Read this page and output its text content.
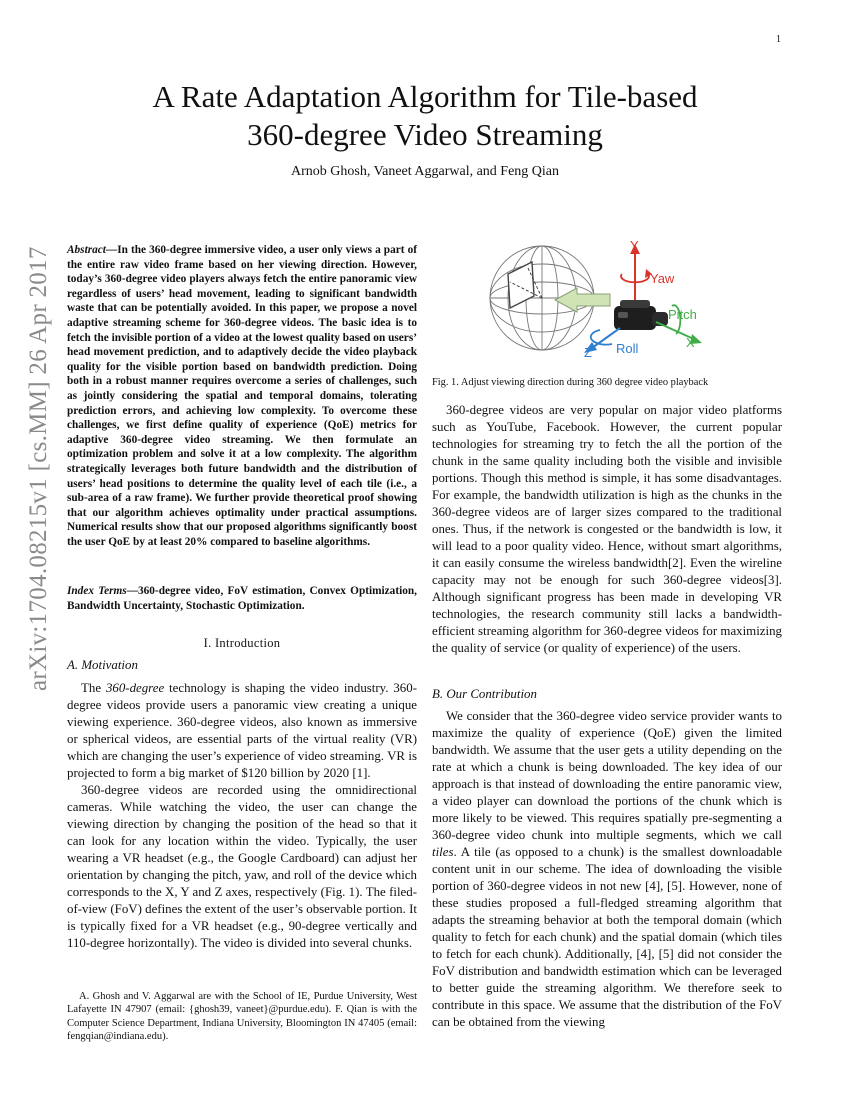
1
arXiv:1704.08215v1 [cs.MM] 26 Apr 2017
A Rate Adaptation Algorithm for Tile-based
360-degree Video Streaming
Arnob Ghosh, Vaneet Aggarwal, and Feng Qian
Abstract—In the 360-degree immersive video, a user only views a part of the entire raw video frame based on her viewing direction. However, today’s 360-degree video players always fetch the entire panoramic view regardless of users’ head movement, leading to significant bandwidth waste that can be potentially avoided. In this paper, we propose a novel adaptive streaming scheme for 360-degree videos. The basic idea is to fetch the invisible portion of a video at the lowest quality based on users’ head movement prediction, and to adaptively decide the video playback quality for the visible portion based on bandwidth prediction. Doing both in a robust manner requires overcome a series of challenges, such as jointly considering the spatial and temporal domains, tolerating prediction errors, and achieving low complexity. To overcome these challenges, we first define quality of experience (QoE) metrics for adaptive 360-degree video streaming. We then formulate an optimization problem and solve it at a low complexity. The algorithm strategically leverages both future bandwidth and the distribution of users’ head positions to determine the quality level of each tile (i.e., a sub-area of a raw frame). We further provide theoretical proof showing that our algorithm achieves optimality under practical assumptions. Numerical results show that our proposed algorithms significantly boost the user QoE by at least 20% compared to baseline algorithms.
Index Terms—360-degree video, FoV estimation, Convex Optimization, Bandwidth Uncertainty, Stochastic Optimization.
I. Introduction
A. Motivation

The 360-degree technology is shaping the video industry. 360-degree videos provide users a panoramic view creating a unique viewing experience. 360-degree videos, also known as immersive or spherical videos, are essential parts of the virtual reality (VR) which are changing the user’s experience of video streaming. VR is projected to form a big market of $120 billion by 2020 [1].

360-degree videos are recorded using the omnidirectional cameras. While watching the video, the user can change the viewing direction by changing the position of the head so that it can look for any location within the video. Typically, the user wearing a VR headset (e.g., the Google Cardboard) can adjust her orientation by changing the pitch, yaw, and roll of the device which corresponds to the X, Y and Z axes, respectively (Fig. 1). The filed-of-view (FoV) defines the extent of the user’s observable portion. It is typically fixed for a VR headset (e.g., 90-degree vertically and 110-degree horizontally). The video is divided into several chunks.

A. Ghosh and V. Aggarwal are with the School of IE, Purdue University, West Lafayette IN 47907 (email: {ghosh39, vaneet}@purdue.edu). F. Qian is with the Computer Science Department, Indiana University, Bloomington IN 47405 (email: fengqian@indiana.edu).
Y
Yaw
Pitch
X
Z Roll
Fig. 1. Adjust viewing direction during 360 degree video playback

360-degree videos are very popular on major video platforms such as YouTube, Facebook. However, the current popular technologies for streaming try to fetch the all the portion of the chunk in the same quality including both the visible and invisible portions. Though this method is simple, it has some disadvantages. For example, the bandwidth utilization is high as the chunks in the 360-degree videos are of larger sizes compared to the traditional ones. Thus, if the network is congested or the bandwidth is low, it will lead to a poor quality video. Hence, without smart algorithms, it can easily consume the wireless bandwidth[2]. Even the wireline capacity may not be enough for such 360-degree videos[3]. Although significant progress has been made in developing VR technologies, the research community still lacks a bandwidth-efficient streaming algorithm for 360-degree videos for maximizing the quality of service (or quality of experience) of the users.

B. Our Contribution

We consider that the 360-degree video service provider wants to maximize the quality of experience (QoE) given the limited bandwidth. We assume that the user gets a utility depending on the rate at which a chunk is being downloaded. The key idea of our approach is that instead of downloading the entire panoramic view, a video player can download the portions of the chunk which is more likely to be viewed. This requires spatially pre-segmenting a 360-degree video chunk into multiple segments, which we call tiles. A tile (as opposed to a chunk) is the smallest downloadable content unit in our scheme. The idea of downloading the visible portion of 360-degree videos in not new [4], [5]. However, none of these studies proposed a full-fledged streaming algorithm that adapts the streaming behavior at both the temporal domain (which quality to fetch for each chunk) and the spatial domain (which tiles to fetch for each chunk). Additionally, [4], [5] did not consider the FoV distribution and bandwidth estimation which can be leveraged to better guide the streaming algorithm. We therefore seek to contribute in this space. We assume that the distribution of the FoV can be obtained from the viewing
